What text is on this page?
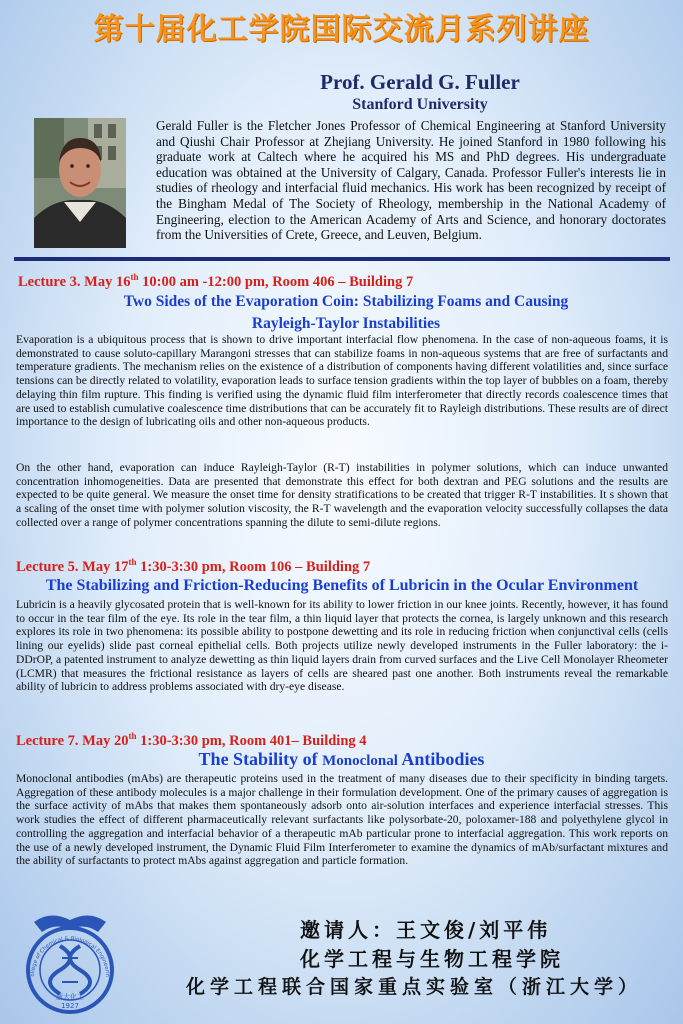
第十届化工学院国际交流月系列讲座
Prof. Gerald G. Fuller
Stanford University
Gerald Fuller is the Fletcher Jones Professor of Chemical Engineering at Stanford University and Qiushi Chair Professor at Zhejiang University. He joined Stanford in 1980 following his graduate work at Caltech where he acquired his MS and PhD degrees. His undergraduate education was obtained at the University of Calgary, Canada. Professor Fuller's interests lie in studies of rheology and interfacial fluid mechanics. His work has been recognized by receipt of the Bingham Medal of The Society of Rheology, membership in the National Academy of Engineering, election to the American Academy of Arts and Science, and honorary doctorates from the Universities of Crete, Greece, and Leuven, Belgium.
Lecture 3. May 16th 10:00 am -12:00 pm, Room 406 – Building 7
Two Sides of the Evaporation Coin: Stabilizing Foams and Causing
Rayleigh-Taylor Instabilities
Evaporation is a ubiquitous process that is shown to drive important interfacial flow phenomena. In the case of non-aqueous foams, it is demonstrated to cause soluto-capillary Marangoni stresses that can stabilize foams in non-aqueous systems that are free of surfactants and temperature gradients. The mechanism relies on the existence of a distribution of components having different volatilities and, since surface tensions can be directly related to volatility, evaporation leads to surface tension gradients within the top layer of bubbles on a foam, thereby delaying thin film rupture. This finding is verified using the dynamic fluid film interferometer that directly records coalescence times that are used to establish cumulative coalescence time distributions that can be accurately fit to Rayleigh distributions. These results are of direct importance to the design of lubricating oils and other non-aqueous products.
On the other hand, evaporation can induce Rayleigh-Taylor (R-T) instabilities in polymer solutions, which can induce unwanted concentration inhomogeneities. Data are presented that demonstrate this effect for both dextran and PEG solutions and the results are expected to be quite general. We measure the onset time for density stratifications to be created that trigger R-T instabilities. It s shown that a scaling of the onset time with polymer solution viscosity, the R-T wavelength and the evaporation velocity successfully collapses the data collected over a range of polymer concentrations spanning the dilute to semi-dilute regions.
Lecture 5. May 17th 1:30-3:30 pm, Room 106 – Building 7
The Stabilizing and Friction-Reducing Benefits of Lubricin in the Ocular Environment
Lubricin is a heavily glycosated protein that is well-known for its ability to lower friction in our knee joints. Recently, however, it has found to occur in the tear film of the eye. Its role in the tear film, a thin liquid layer that protects the cornea, is largely unknown and this research explores its role in two phenomena: its possible ability to postpone dewetting and its role in reducing friction when conjunctival cells (cells lining our eyelids) slide past corneal epithelial cells. Both projects utilize newly developed instruments in the Fuller laboratory: the i-DDrOP, a patented instrument to analyze dewetting as thin liquid layers drain from curved surfaces and the Live Cell Monolayer Rheometer (LCMR) that measures the frictional resistance as layers of cells are sheared past one another. Both instruments reveal the remarkable ability of lubricin to address problems associated with dry-eye disease.
Lecture 7. May 20th 1:30-3:30 pm, Room 401– Building 4
The Stability of Monoclonal Antibodies
Monoclonal antibodies (mAbs) are therapeutic proteins used in the treatment of many diseases due to their specificity in binding targets. Aggregation of these antibody molecules is a major challenge in their formulation development. One of the primary causes of aggregation is the surface activity of mAbs that makes them spontaneously adsorb onto air-solution interfaces and experience interfacial stresses. This work studies the effect of different pharmaceutically relevant surfactants like polysorbate-20, poloxamer-188 and polyethylene glycol in controlling the aggregation and interfacial behavior of a therapeutic mAb particular prone to interfacial aggregation. This work reports on the use of a newly developed instrument, the Dynamic Fluid Film Interferometer to examine the dynamics of mAb/surfactant mixtures and the ability of surfactants to protect mAbs against aggregation and particle formation.
1927
浙大化工
ollege of Chemical & Biological Engineerin
邀请人：王文俊/刘平伟
化学工程与生物工程学院
化学工程联合国家重点实验室（浙江大学）
